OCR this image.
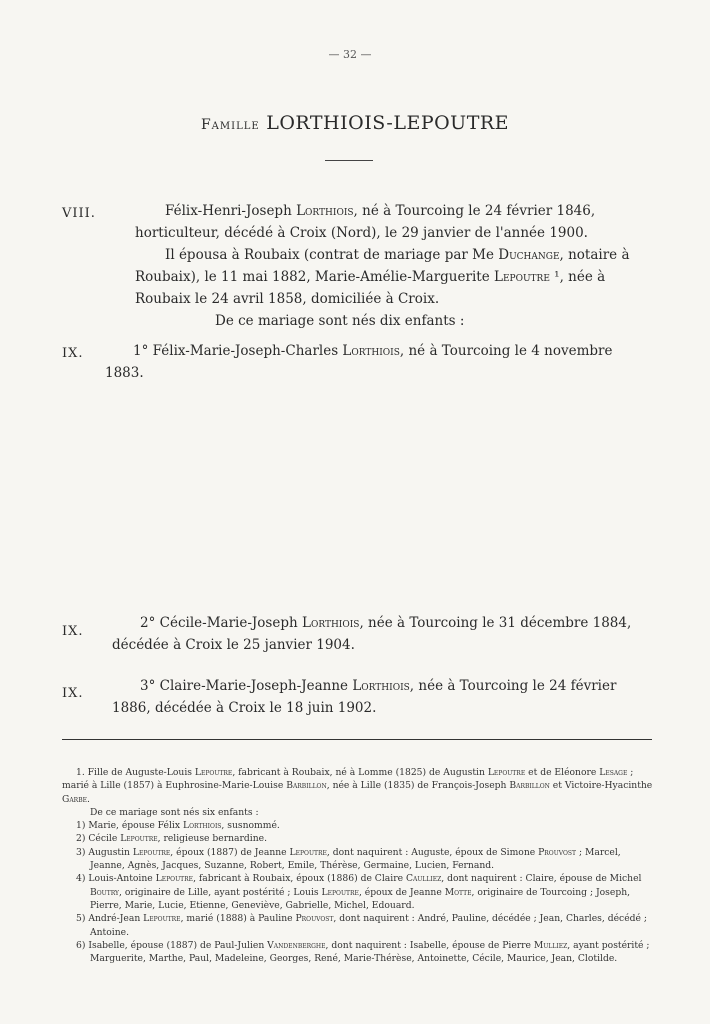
— 32 —
Famille LORTHIOIS-LEPOUTRE
VIII.	Félix-Henri-Joseph Lorthiois, né à Tourcoing le 24 février 1846, horticulteur, décédé à Croix (Nord), le 29 janvier de l'année 1900.

Il épousa à Roubaix (contrat de mariage par Me Duchange, notaire à Roubaix), le 11 mai 1882, Marie-Amélie-Marguerite Lepoutre ¹, née à Roubaix le 24 avril 1858, domiciliée à Croix.

De ce mariage sont nés dix enfants :

IX.	1° Félix-Marie-Joseph-Charles Lorthiois, né à Tourcoing le 4 novembre 1883.

IX.

2° Cécile-Marie-Joseph Lorthiois, née à Tourcoing le 31 décembre 1884, décédée à Croix le 25 janvier 1904.

IX.	3° Claire-Marie-Joseph-Jeanne Lorthiois, née à Tourcoing le 24 février 1886, décédée à Croix le 18 juin 1902.

1. Fille de Auguste-Louis Lepoutre, fabricant à Roubaix, né à Lomme (1825) de Augustin Lepoutre et de Eléonore Lesage ; marié à Lille (1857) à Euphrosine-Marie-Louise Barbillon, née à Lille (1835) de François-Joseph Barbillon et Victoire-Hyacinthe Garbe.

De ce mariage sont nés six enfants :

1) Marie, épouse Félix Lorthiois, susnommé.

2) Cécile Lepoutre, religieuse bernardine.

3) Augustin Lepoutre, époux (1887) de Jeanne Lepoutre, dont naquirent : Auguste, époux de Simone Prouvost ; Marcel, Jeanne, Agnès, Jacques, Suzanne, Robert, Emile, Thérèse, Germaine, Lucien, Fernand.

4) Louis-Antoine Lepoutre, fabricant à Roubaix, époux (1886) de Claire Caulliez, dont naquirent : Claire, épouse de Michel Boutry, originaire de Lille, ayant postérité ; Louis Lepoutre, époux de Jeanne Motte, originaire de Tourcoing ; Joseph, Pierre, Marie, Lucie, Etienne, Geneviève, Gabrielle, Michel, Edouard.

5) André-Jean Lepoutre, marié (1888) à Pauline Prouvost, dont naquirent : André, Pauline, décédée ; Jean, Charles, décédé ; Antoine.

6) Isabelle, épouse (1887) de Paul-Julien Vandenberghe, dont naquirent : Isabelle, épouse de Pierre Mulliez, ayant postérité ; Marguerite, Marthe, Paul, Madeleine, Georges, René, Marie-Thérèse, Antoinette, Cécile, Maurice, Jean, Clotilde.
